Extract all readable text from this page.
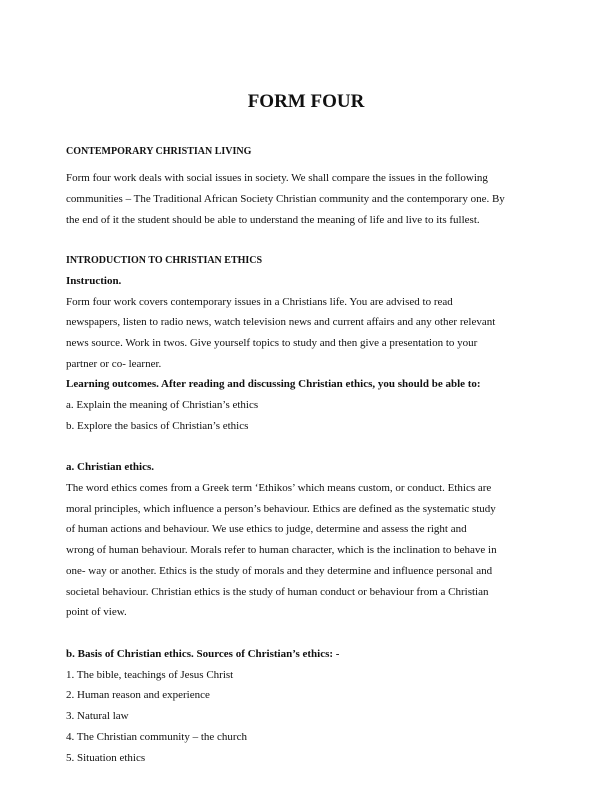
FORM FOUR
CONTEMPORARY CHRISTIAN LIVING
Form four work deals with social issues in society. We shall compare the issues in the following
communities – The Traditional African Society Christian community and the contemporary one. By
the end of it the student should be able to understand the meaning of life and live to its fullest.
INTRODUCTION TO CHRISTIAN ETHICS
Instruction.
Form four work covers contemporary issues in a Christians life. You are advised to read
newspapers, listen to radio news, watch television news and current affairs and any other relevant
news source. Work in twos. Give yourself topics to study and then give a presentation to your
partner or co- learner.
Learning outcomes. After reading and discussing Christian ethics, you should be able to:
a. Explain the meaning of Christian’s ethics
b. Explore the basics of Christian’s ethics
a. Christian ethics.
The word ethics comes from a Greek term ‘Ethikos’ which means custom, or conduct. Ethics are
moral principles, which influence a person’s behaviour. Ethics are defined as the systematic study
of human actions and behaviour. We use ethics to judge, determine and assess the right and
wrong of human behaviour. Morals refer to human character, which is the inclination to behave in
one- way or another. Ethics is the study of morals and they determine and influence personal and
societal behaviour. Christian ethics is the study of human conduct or behaviour from a Christian
point of view.
b. Basis of Christian ethics. Sources of Christian’s ethics: -
1. The bible, teachings of Jesus Christ
2. Human reason and experience
3. Natural law
4. The Christian community – the church
5. Situation ethics
